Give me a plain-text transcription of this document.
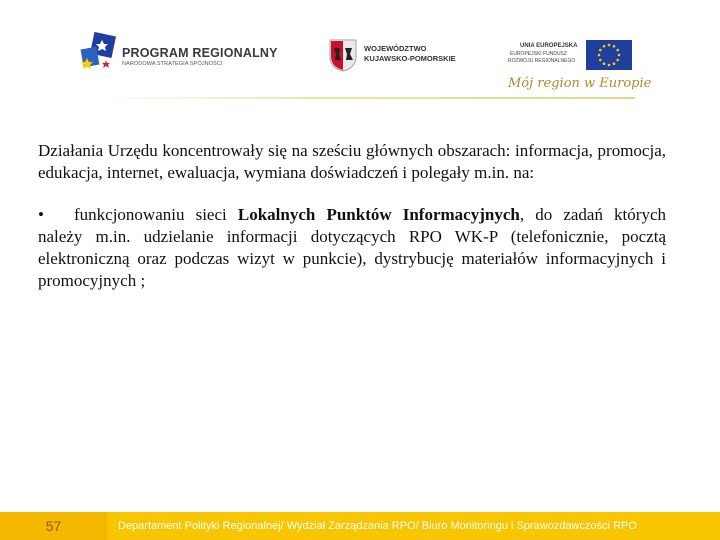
PROGRAM REGIONALNY
NARODOWA STRATEGIA SPÓJNOŚCI
WOJEWÓDZTWO
KUJAWSKO-POMORSKIE
UNIA EUROPEJSKA
EUROPEJSKI FUNDUSZ
ROZWOJU REGIONALNEGO
Mój region w Europie

Działania Urzędu koncentrowały się na sześciu głównych obszarach: informacja, promocja, edukacja, internet, ewaluacja, wymiana doświadczeń i polegały m.in. na:

• funkcjonowaniu sieci Lokalnych Punktów Informacyjnych, do zadań których należy m.in. udzielanie informacji dotyczących RPO WK-P (telefonicznie, pocztą elektroniczną oraz podczas wizyt w punkcie), dystrybucję materiałów informacyjnych i promocyjnych ;

57	Departament Polityki Regionalnej/ Wydział Zarządzania RPO/ Biuro Monitoringu i Sprawozdawczości RPO
